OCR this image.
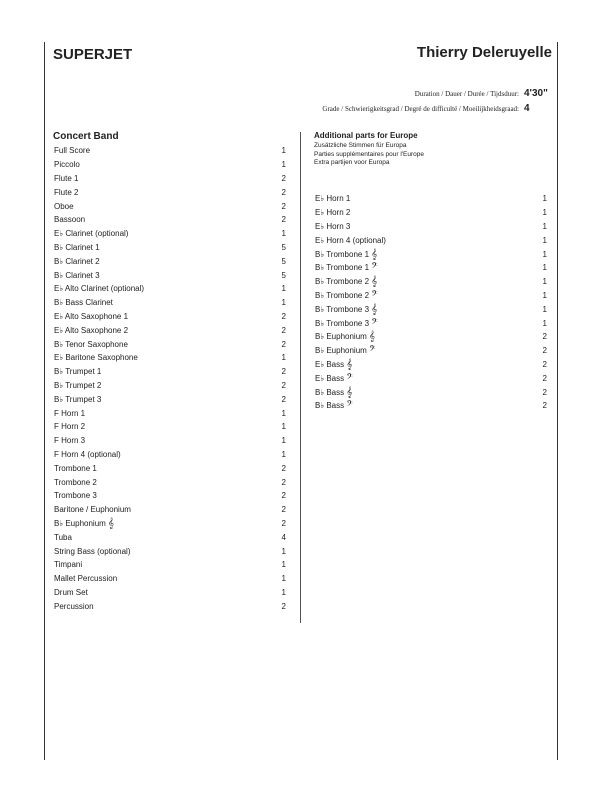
SUPERJET	Thierry Deleruyelle
Duration / Dauer / Durée / Tijdsduur: 4'30"
Grade / Schwierigkeitsgrad / Degré de difficulté / Moeilijkheidsgraad: 4
Concert Band
Full Score	1
Piccolo	1
Flute 1	2
Flute 2	2
Oboe	2
Bassoon	2
E♭ Clarinet (optional)	1
B♭ Clarinet 1	5
B♭ Clarinet 2	5
B♭ Clarinet 3	5
E♭ Alto Clarinet (optional)	1
B♭ Bass Clarinet	1
E♭ Alto Saxophone 1	2
E♭ Alto Saxophone 2	2
B♭ Tenor Saxophone	2
E♭ Baritone Saxophone	1
B♭ Trumpet 1	2
B♭ Trumpet 2	2
B♭ Trumpet 3	2
F Horn 1	1
F Horn 2	1
F Horn 3	1
F Horn 4 (optional)	1
Trombone 1	2
Trombone 2	2
Trombone 3	2
Baritone / Euphonium	2
B♭ Euphonium 𝄞	2
Tuba	4
String Bass (optional)	1
Timpani	1
Mallet Percussion	1
Drum Set	1
Percussion	2
Additional parts for Europe
Zusätzliche Stimmen für Europa
Parties supplémentaires pour l'Europe
Extra partijen voor Europa
E♭ Horn 1	1
E♭ Horn 2	1
E♭ Horn 3	1
E♭ Horn 4 (optional)	1
B♭ Trombone 1 𝄞	1
B♭ Trombone 1 𝄢	1
B♭ Trombone 2 𝄞	1
B♭ Trombone 2 𝄢	1
B♭ Trombone 3 𝄞	1
B♭ Trombone 3 𝄢	1
B♭ Euphonium 𝄞	2
B♭ Euphonium 𝄢	2
E♭ Bass 𝄞	2
E♭ Bass 𝄢	2
B♭ Bass 𝄞	2
B♭ Bass 𝄢	2
